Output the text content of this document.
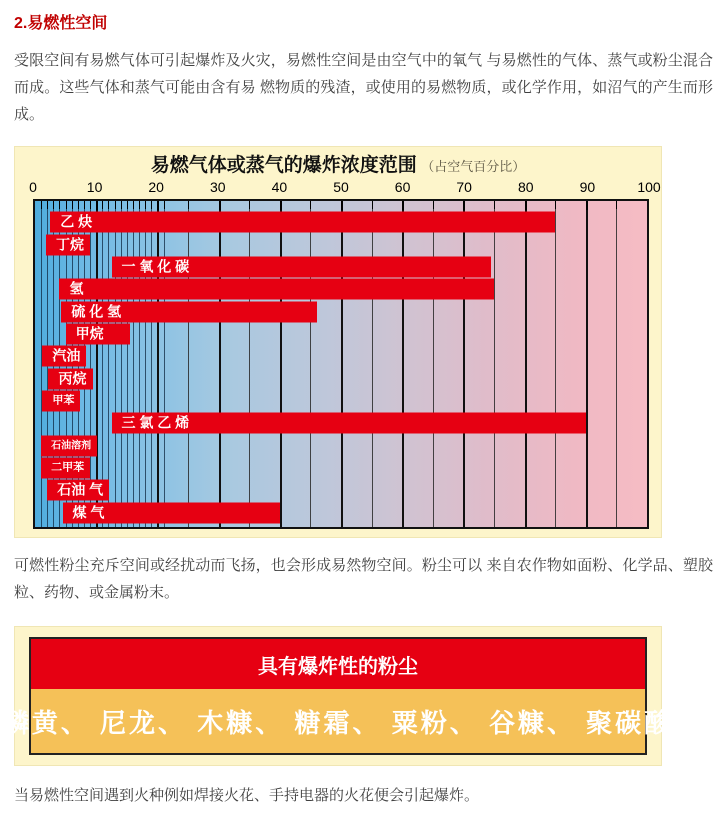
2.易燃性空间

受限空间有易燃气体可引起爆炸及火灾，易燃性空间是由空气中的氧气 与易燃性的气体、蒸气或粉尘混合而成。这些气体和蒸气可能由含有易 燃物质的残渣，或使用的易燃物质，或化学作用，如沼气的产生而形成。

易燃气体或蒸气的爆炸浓度范围 （占空气百分比）
0	10	20	30	40	50	60	70	80	90	100
乙 炔
丁烷
一 氧 化 碳
氢
硫 化 氢
甲烷
汽油
丙烷
甲苯
三 氯 乙 烯
石油溶剂
二甲苯
石油 气
煤 气

可燃性粉尘充斥空间或经扰动而飞扬，也会形成易然物空间。粉尘可以 来自农作物如面粉、化学品、塑胶粒、药物、或金属粉末。

具有爆炸性的粉尘
磷黄、 尼龙、 木糠、 糖霜、 粟粉、 谷糠、 聚碳酸

当易燃性空间遇到火种例如焊接火花、手持电器的火花便会引起爆炸。
